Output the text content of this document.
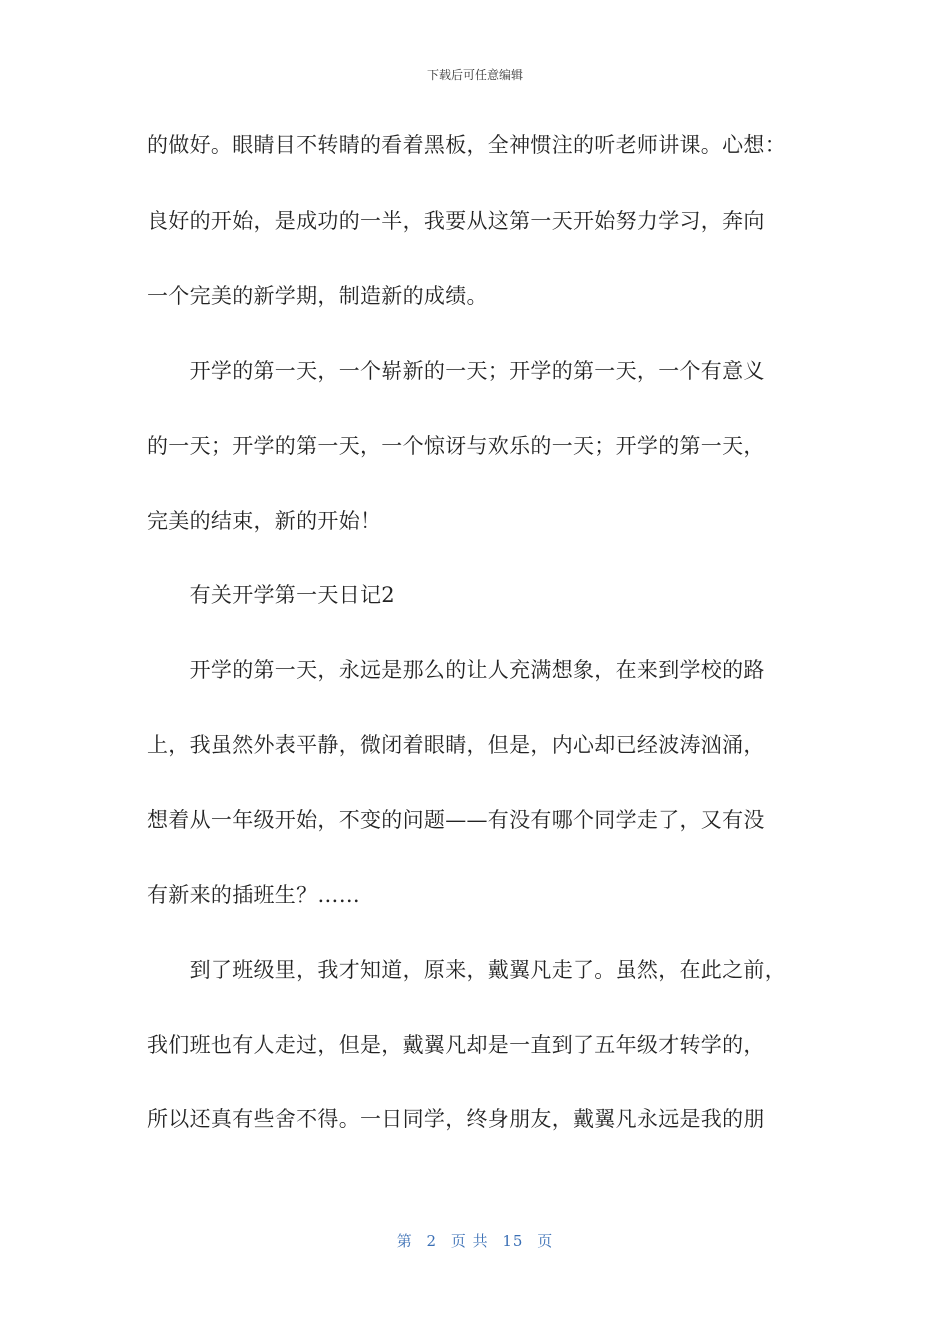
下载后可任意编辑
的做好。眼睛目不转睛的看着黑板，全神惯注的听老师讲课。心想：
良好的开始，是成功的一半，我要从这第一天开始努力学习，奔向
一个完美的新学期，制造新的成绩。
　　开学的第一天，一个崭新的一天；开学的第一天，一个有意义
的一天；开学的第一天，一个惊讶与欢乐的一天；开学的第一天，
完美的结束，新的开始！
　　有关开学第一天日记2
　　开学的第一天，永远是那么的让人充满想象，在来到学校的路
上，我虽然外表平静，微闭着眼睛，但是，内心却已经波涛汹涌，
想着从一年级开始，不变的问题——有没有哪个同学走了，又有没
有新来的插班生？……
　　到了班级里，我才知道，原来，戴翼凡走了。虽然，在此之前，
我们班也有人走过，但是，戴翼凡却是一直到了五年级才转学的，
所以还真有些舍不得。一日同学，终身朋友，戴翼凡永远是我的朋
第 2 页 共 15 页
